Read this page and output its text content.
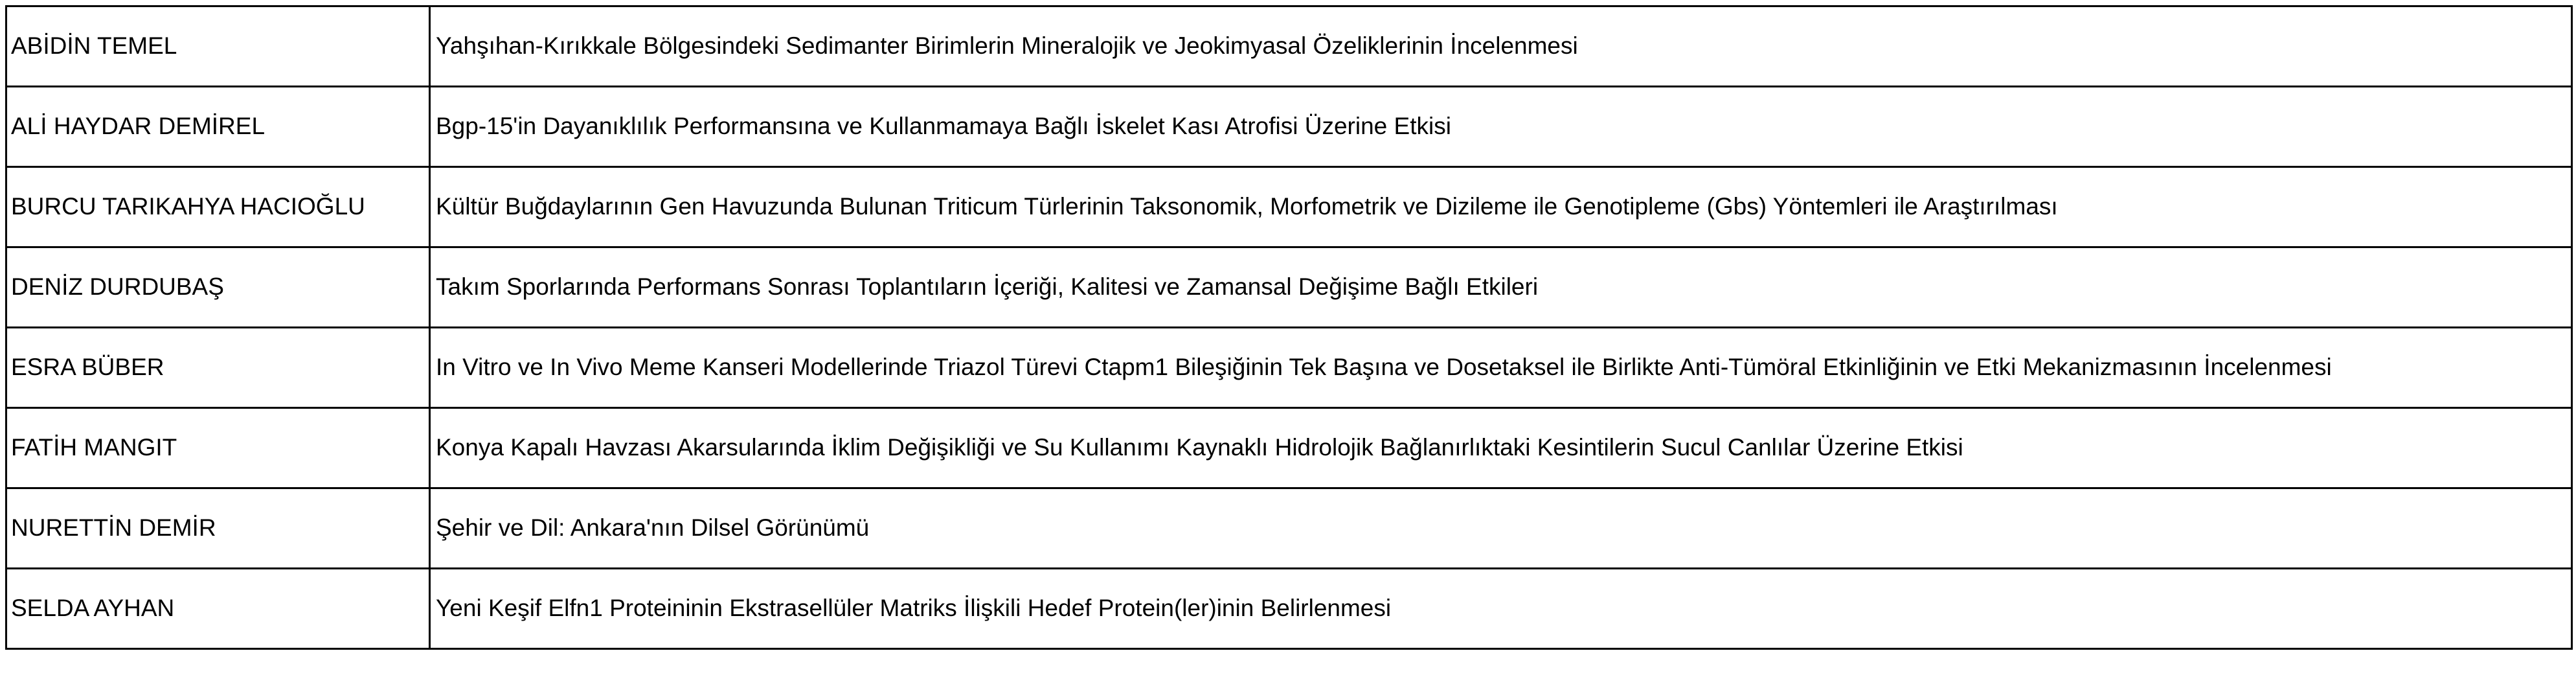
ABİDİN TEMEL	Yahşıhan-Kırıkkale Bölgesindeki Sedimanter Birimlerin Mineralojik ve Jeokimyasal Özeliklerinin İncelenmesi
ALİ HAYDAR DEMİREL	Bgp-15'in Dayanıklılık Performansına ve Kullanmamaya Bağlı İskelet Kası Atrofisi Üzerine Etkisi
BURCU TARIKAHYA HACIOĞLU	Kültür Buğdaylarının Gen Havuzunda Bulunan Triticum Türlerinin Taksonomik, Morfometrik ve Dizileme ile Genotipleme (Gbs) Yöntemleri ile Araştırılması
DENİZ DURDUBAŞ	Takım Sporlarında Performans Sonrası Toplantıların İçeriği, Kalitesi ve Zamansal Değişime Bağlı Etkileri
ESRA BÜBER	In Vitro ve In Vivo Meme Kanseri Modellerinde Triazol Türevi Ctapm1 Bileşiğinin Tek Başına ve Dosetaksel ile Birlikte Anti-Tümöral Etkinliğinin ve Etki Mekanizmasının İncelenmesi
FATİH MANGIT	Konya Kapalı Havzası Akarsularında İklim Değişikliği ve Su Kullanımı Kaynaklı Hidrolojik Bağlanırlıktaki Kesintilerin Sucul Canlılar Üzerine Etkisi
NURETTİN DEMİR	Şehir ve Dil: Ankara'nın Dilsel Görünümü
SELDA AYHAN	Yeni Keşif Elfn1 Proteininin Ekstrasellüler Matriks İlişkili Hedef Protein(ler)inin Belirlenmesi
